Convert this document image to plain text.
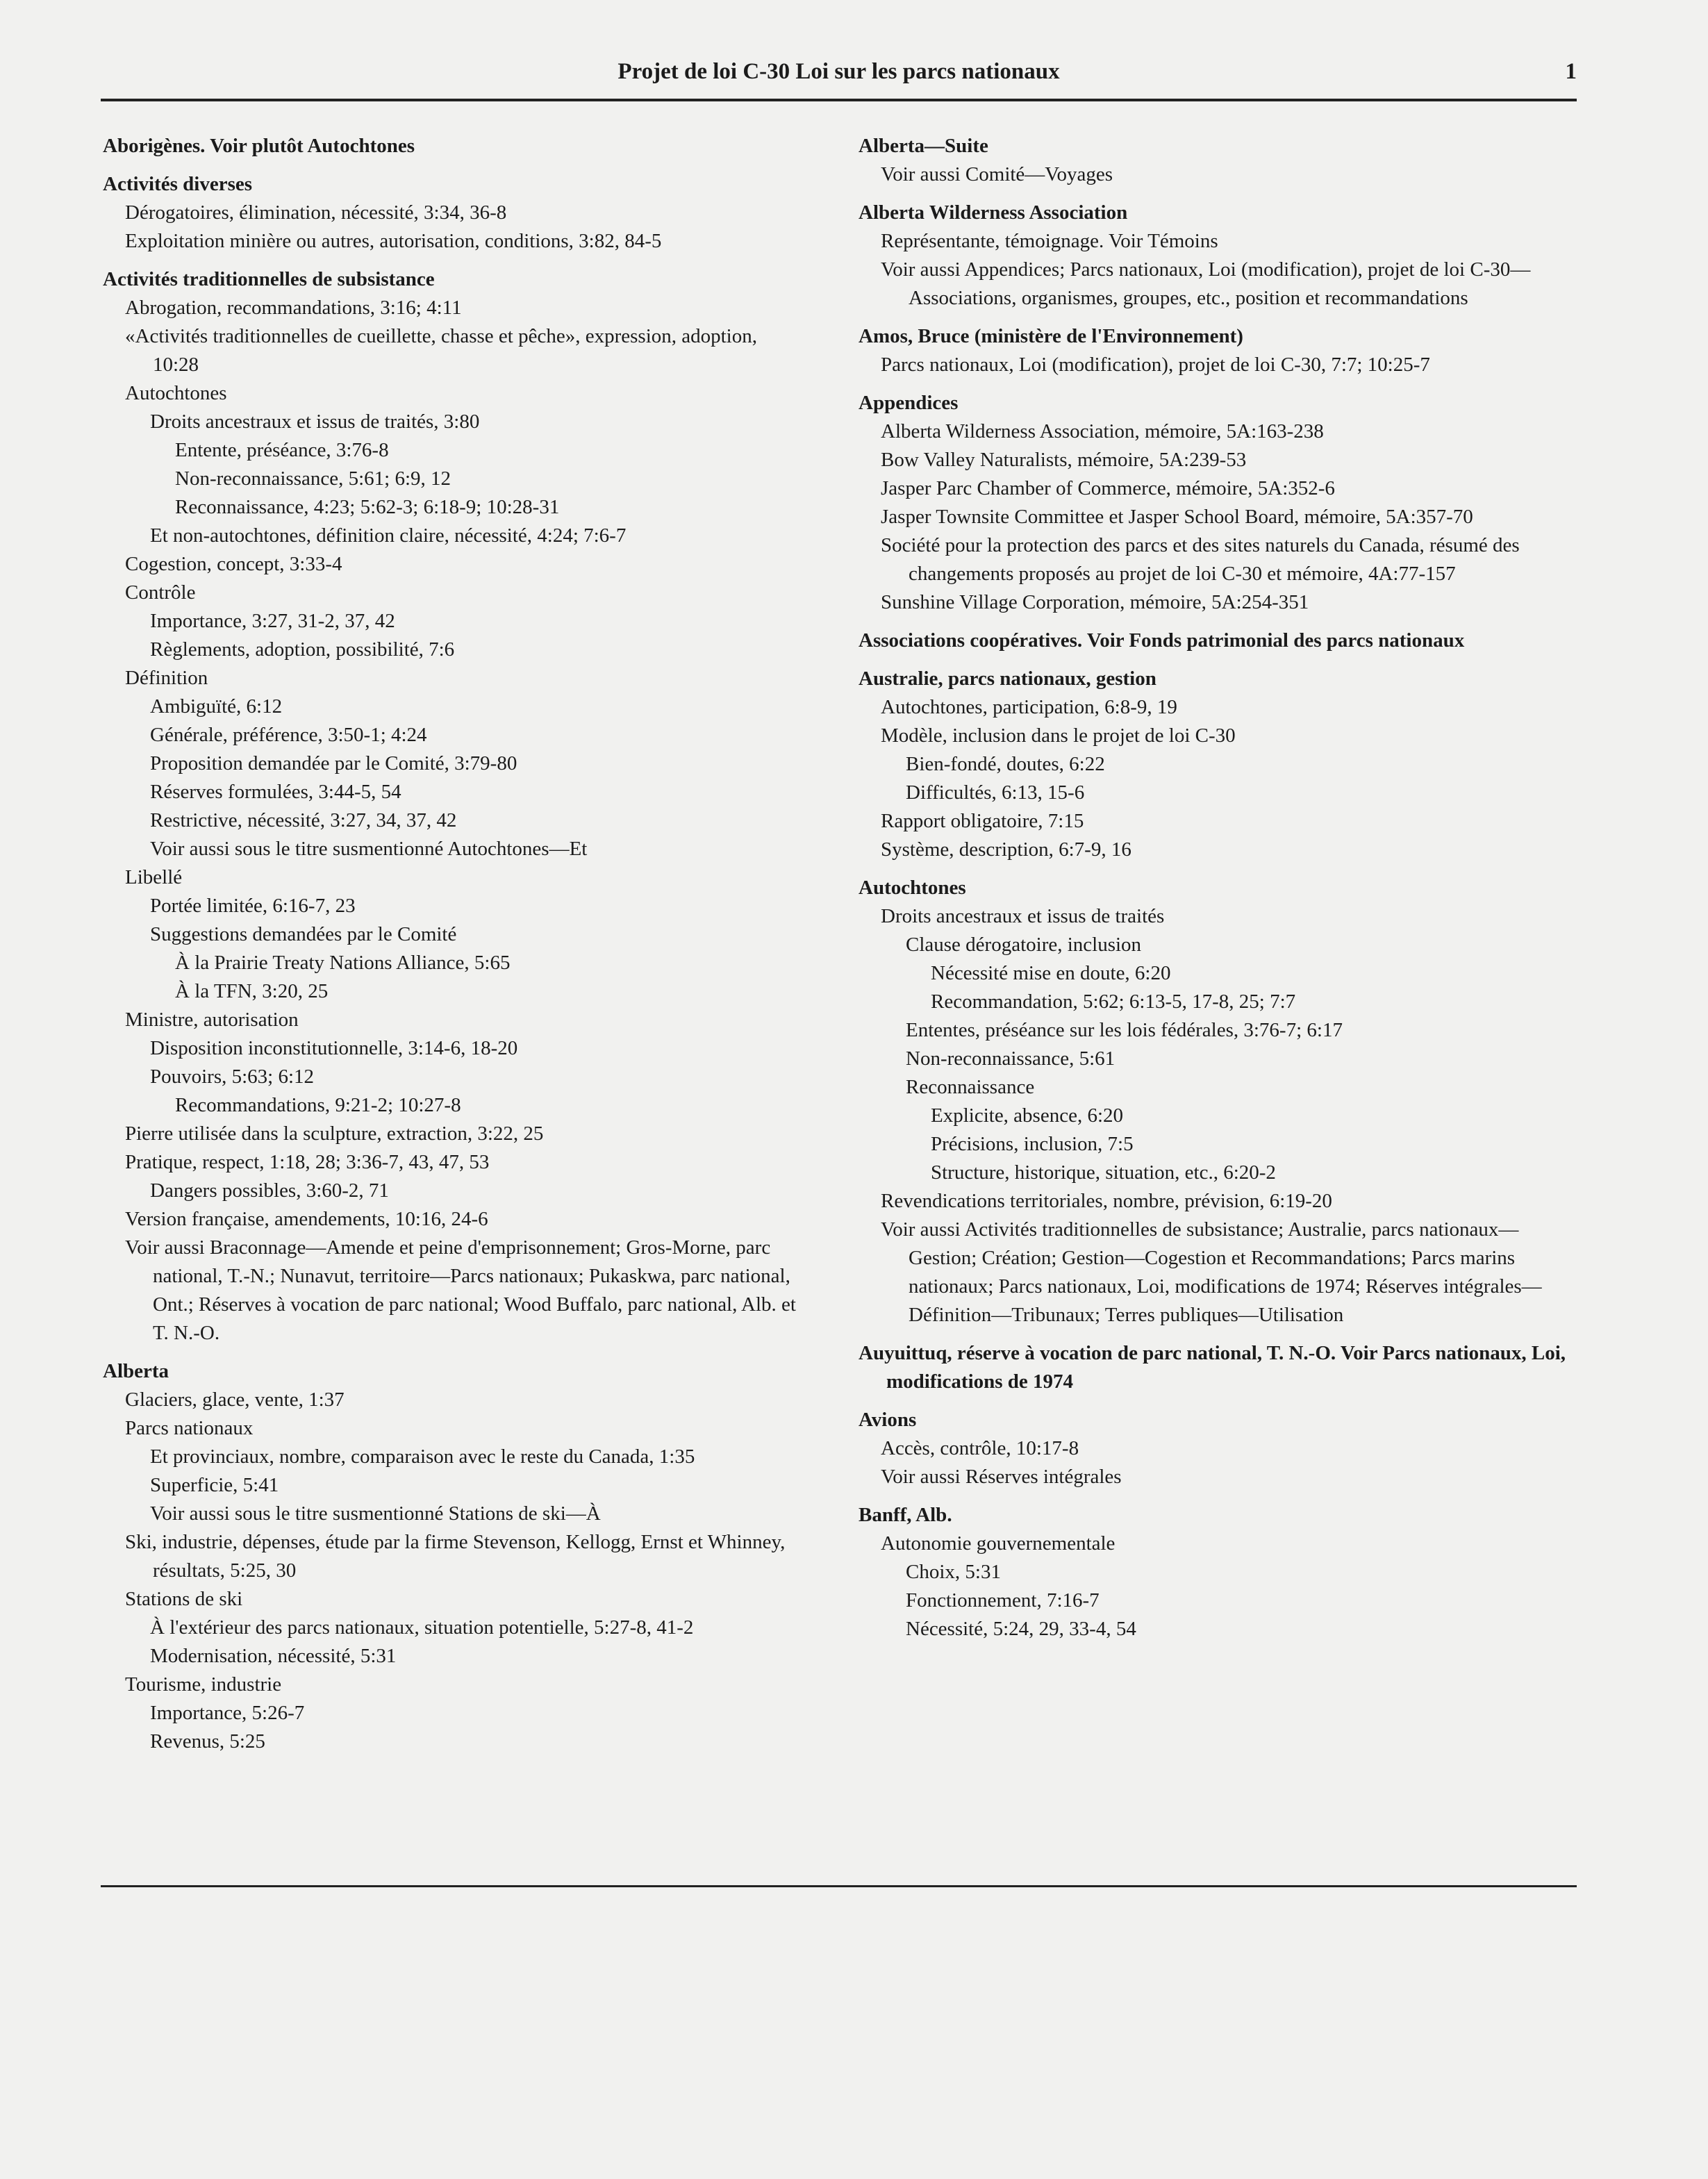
Projet de loi C-30 Loi sur les parcs nationaux	1
Aborigènes. Voir plutôt Autochtones
Activités diverses
Dérogatoires, élimination, nécessité, 3:34, 36-8
Exploitation minière ou autres, autorisation, conditions, 3:82, 84-5
Activités traditionnelles de subsistance
Abrogation, recommandations, 3:16; 4:11
«Activités traditionnelles de cueillette, chasse et pêche», expression, adoption, 10:28
Autochtones
Droits ancestraux et issus de traités, 3:80
Entente, préséance, 3:76-8
Non-reconnaissance, 5:61; 6:9, 12
Reconnaissance, 4:23; 5:62-3; 6:18-9; 10:28-31
Et non-autochtones, définition claire, nécessité, 4:24; 7:6-7
Cogestion, concept, 3:33-4
Contrôle
Importance, 3:27, 31-2, 37, 42
Règlements, adoption, possibilité, 7:6
Définition
Ambiguïté, 6:12
Générale, préférence, 3:50-1; 4:24
Proposition demandée par le Comité, 3:79-80
Réserves formulées, 3:44-5, 54
Restrictive, nécessité, 3:27, 34, 37, 42
Voir aussi sous le titre susmentionné Autochtones—Et
Libellé
Portée limitée, 6:16-7, 23
Suggestions demandées par le Comité
À la Prairie Treaty Nations Alliance, 5:65
À la TFN, 3:20, 25
Ministre, autorisation
Disposition inconstitutionnelle, 3:14-6, 18-20
Pouvoirs, 5:63; 6:12
Recommandations, 9:21-2; 10:27-8
Pierre utilisée dans la sculpture, extraction, 3:22, 25
Pratique, respect, 1:18, 28; 3:36-7, 43, 47, 53
Dangers possibles, 3:60-2, 71
Version française, amendements, 10:16, 24-6
Voir aussi Braconnage—Amende et peine d'emprisonnement; Gros-Morne, parc national, T.-N.; Nunavut, territoire—Parcs nationaux; Pukaskwa, parc national, Ont.; Réserves à vocation de parc national; Wood Buffalo, parc national, Alb. et T. N.-O.
Alberta
Glaciers, glace, vente, 1:37
Parcs nationaux
Et provinciaux, nombre, comparaison avec le reste du Canada, 1:35
Superficie, 5:41
Voir aussi sous le titre susmentionné Stations de ski—À
Ski, industrie, dépenses, étude par la firme Stevenson, Kellogg, Ernst et Whinney, résultats, 5:25, 30
Stations de ski
À l'extérieur des parcs nationaux, situation potentielle, 5:27-8, 41-2
Modernisation, nécessité, 5:31
Tourisme, industrie
Importance, 5:26-7
Revenus, 5:25
Alberta—Suite
Voir aussi Comité—Voyages
Alberta Wilderness Association
Représentante, témoignage. Voir Témoins
Voir aussi Appendices; Parcs nationaux, Loi (modification), projet de loi C-30—Associations, organismes, groupes, etc., position et recommandations
Amos, Bruce (ministère de l'Environnement)
Parcs nationaux, Loi (modification), projet de loi C-30, 7:7; 10:25-7
Appendices
Alberta Wilderness Association, mémoire, 5A:163-238
Bow Valley Naturalists, mémoire, 5A:239-53
Jasper Parc Chamber of Commerce, mémoire, 5A:352-6
Jasper Townsite Committee et Jasper School Board, mémoire, 5A:357-70
Société pour la protection des parcs et des sites naturels du Canada, résumé des changements proposés au projet de loi C-30 et mémoire, 4A:77-157
Sunshine Village Corporation, mémoire, 5A:254-351
Associations coopératives. Voir Fonds patrimonial des parcs nationaux
Australie, parcs nationaux, gestion
Autochtones, participation, 6:8-9, 19
Modèle, inclusion dans le projet de loi C-30
Bien-fondé, doutes, 6:22
Difficultés, 6:13, 15-6
Rapport obligatoire, 7:15
Système, description, 6:7-9, 16
Autochtones
Droits ancestraux et issus de traités
Clause dérogatoire, inclusion
Nécessité mise en doute, 6:20
Recommandation, 5:62; 6:13-5, 17-8, 25; 7:7
Ententes, préséance sur les lois fédérales, 3:76-7; 6:17
Non-reconnaissance, 5:61
Reconnaissance
Explicite, absence, 6:20
Précisions, inclusion, 7:5
Structure, historique, situation, etc., 6:20-2
Revendications territoriales, nombre, prévision, 6:19-20
Voir aussi Activités traditionnelles de subsistance; Australie, parcs nationaux—Gestion; Création; Gestion—Cogestion et Recommandations; Parcs marins nationaux; Parcs nationaux, Loi, modifications de 1974; Réserves intégrales—Définition—Tribunaux; Terres publiques—Utilisation
Auyuittuq, réserve à vocation de parc national, T. N.-O. Voir Parcs nationaux, Loi, modifications de 1974
Avions
Accès, contrôle, 10:17-8
Voir aussi Réserves intégrales
Banff, Alb.
Autonomie gouvernementale
Choix, 5:31
Fonctionnement, 7:16-7
Nécessité, 5:24, 29, 33-4, 54
